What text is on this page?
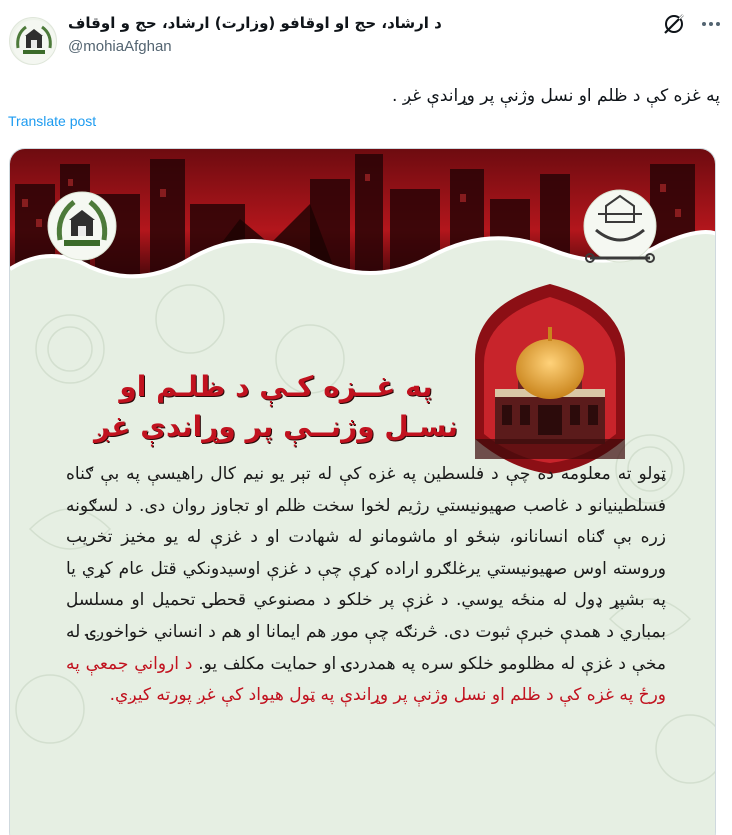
د ارشاد، حج او اوقافو (وزارت) ارشاد، حج و اوقاف
@mohiaAfghan
په غزه کې د ظلم او نسل وژنې پر وړاندې غږ .
Translate post
په غــزه کـې د ظلـم او
نسـل وژنــې پر وړاندې غږ
ټولو ته معلومه ده چې د فلسطين په غزه کې له تېر يو نيم کال راهيسې په بې ګناه فسلطينيانو د غاصب صهيونيستي رژيم لخوا سخت ظلم او تجاوز روان دی. د لسګونه زره بې ګناه انسانانو، ښځو او ماشومانو له شهادت او د غزې له يو مخيز تخريب وروسته اوس صهيونيستي يرغلګرو اراده کړې چې د غزې اوسيدونکي قتل عام کړي يا په بشپړ ډول له منځه يوسي. د غزې پر خلکو د مصنوعي قحطۍ تحميل او مسلسل بمباري د همدې خبرې ثبوت دی. څرنګه چې موږ هم ايمانا او هم د انساني خواخوږۍ له مخې د غزې له مظلومو خلکو سره په همدردۍ او حمايت مکلف يو. د ارواني جمعې په ورځ په غزه کې د ظلم او نسل وژنې پر وړاندې په ټول هيواد کې غږ پورته کيږي.
